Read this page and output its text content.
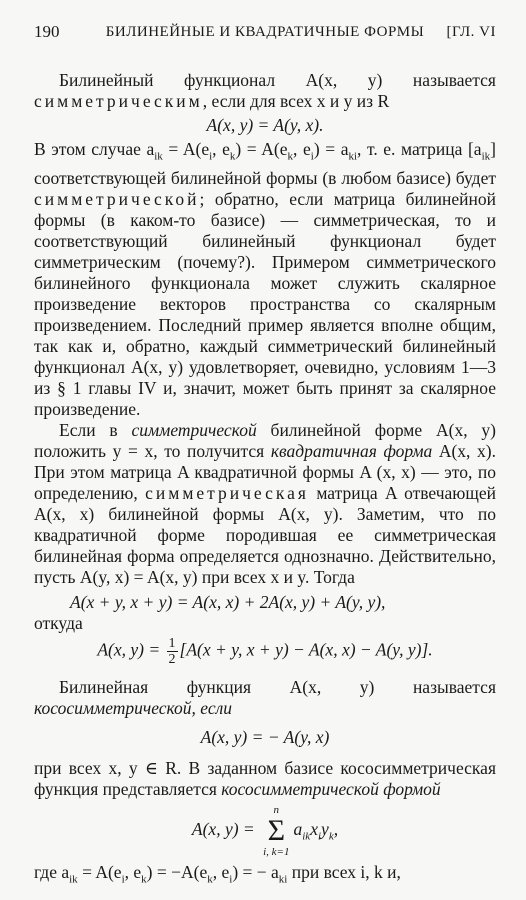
190	БИЛИНЕЙНЫЕ И КВАДРАТИЧНЫЕ ФОРМЫ	[ГЛ. VI

Билинейный функционал A(x, y) называется симметрическим, если для всех x и y из R

A(x, y) = A(y, x).

В этом случае $a_{ik} = A(e_i$, $e_k) = A(e_k$, $e_i) = a_{ki}$, т. е. матрица $[a_{ik}]$ соответствующей билинейной формы (в любом базисе) будет симметрической; обратно, если матрица билинейной формы (в каком-то базисе) — симметрическая, то и соответствующий билинейный функционал будет симметрическим (почему?). Примером симметрического билинейного функционала может служить скалярное произведение векторов пространства со скалярным произведением. Последний пример является вполне общим, так как и, обратно, каждый симметрический билинейный функционал A(x, y) удовлетворяет, очевидно, условиям 1—3 из § 1 главы IV и, значит, может быть принят за скалярное произведение.

Если в симметрической билинейной форме A(x, y) положить y = x, то получится квадратичная форма A(x, x). При этом матрица A квадратичной формы A (x, x) — это, по определению, симметрическая матрица A отвечающей A(x, x) билинейной формы A(x, y). Заметим, что по квадратичной форме породившая ее симметрическая билинейная форма определяется однозначно. Действительно, пусть A(y, x) = A(x, y) при всех x и y. Тогда

A(x + y, x + y) = A(x, x) + 2A(x, y) + A(y, y),

откуда

A(x, $y) = \frac{1}{2} [A(x + y$, x + y) − A(x, x) − A(y, y)].

Билинейная функция A(x, y) называется кососимметрической, если

A(x, y) = − A(y, x)

при всех x, y ∈ R. В заданном базисе кососимметрическая функция представляется кососимметрической формой

A(x, y) =
n
Σ
i, k=1
$a_{ik}x_iy_k$,

где $a_{ik} = A(e_i$, $e_k) = -A(e_k$, $e_i$) = − $a_{ki}$ при всех i, k и,
